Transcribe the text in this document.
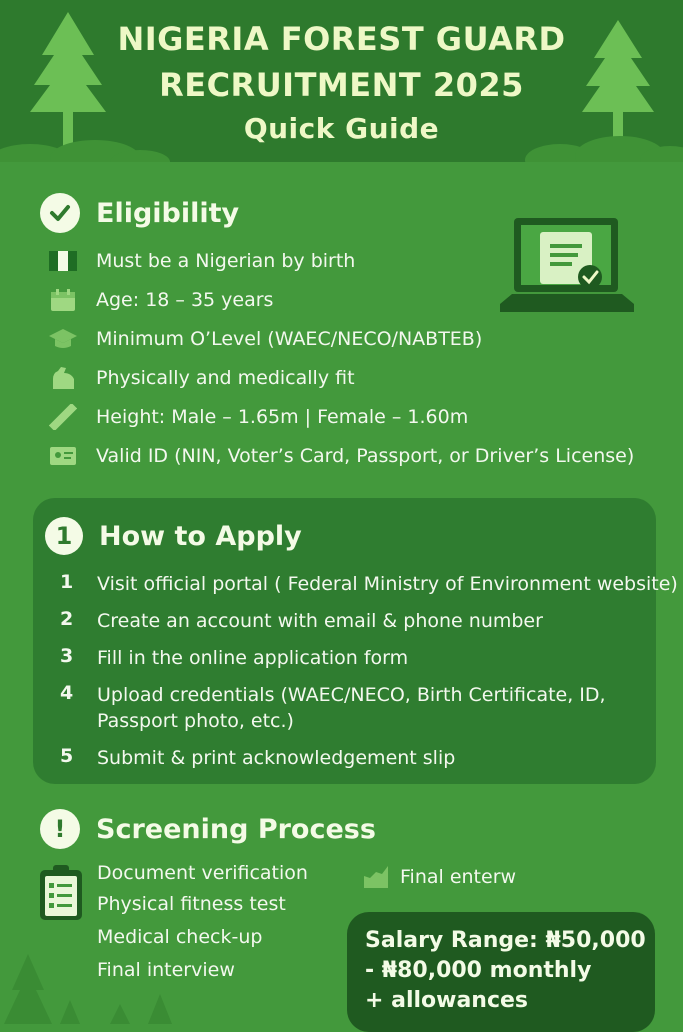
NIGERIA FOREST GUARD
RECRUITMENT 2025
Quick Guide
Eligibility
Must be a Nigerian by birth
Age: 18 – 35 years
Minimum O’Level (WAEC/NECO/NABTEB)
Physically and medically fit
Height: Male – 1.65m | Female – 1.60m
Valid ID (NIN, Voter’s Card, Passport, or Driver’s License)
1 How to Apply
1	Visit official portal ( Federal Ministry of Environment website)
2	Create an account with email & phone number
3	Fill in the online application form
4	Upload credentials (WAEC/NECO, Birth Certificate, ID,
Passport photo, etc.)
5	Submit & print acknowledgement slip
!	Screening Process
Document verification
Physical fitness test
Medical check-up
Final interview
Final enterw
Salary Range: ₦50,000
- ₦80,000 monthly
+ allowances
